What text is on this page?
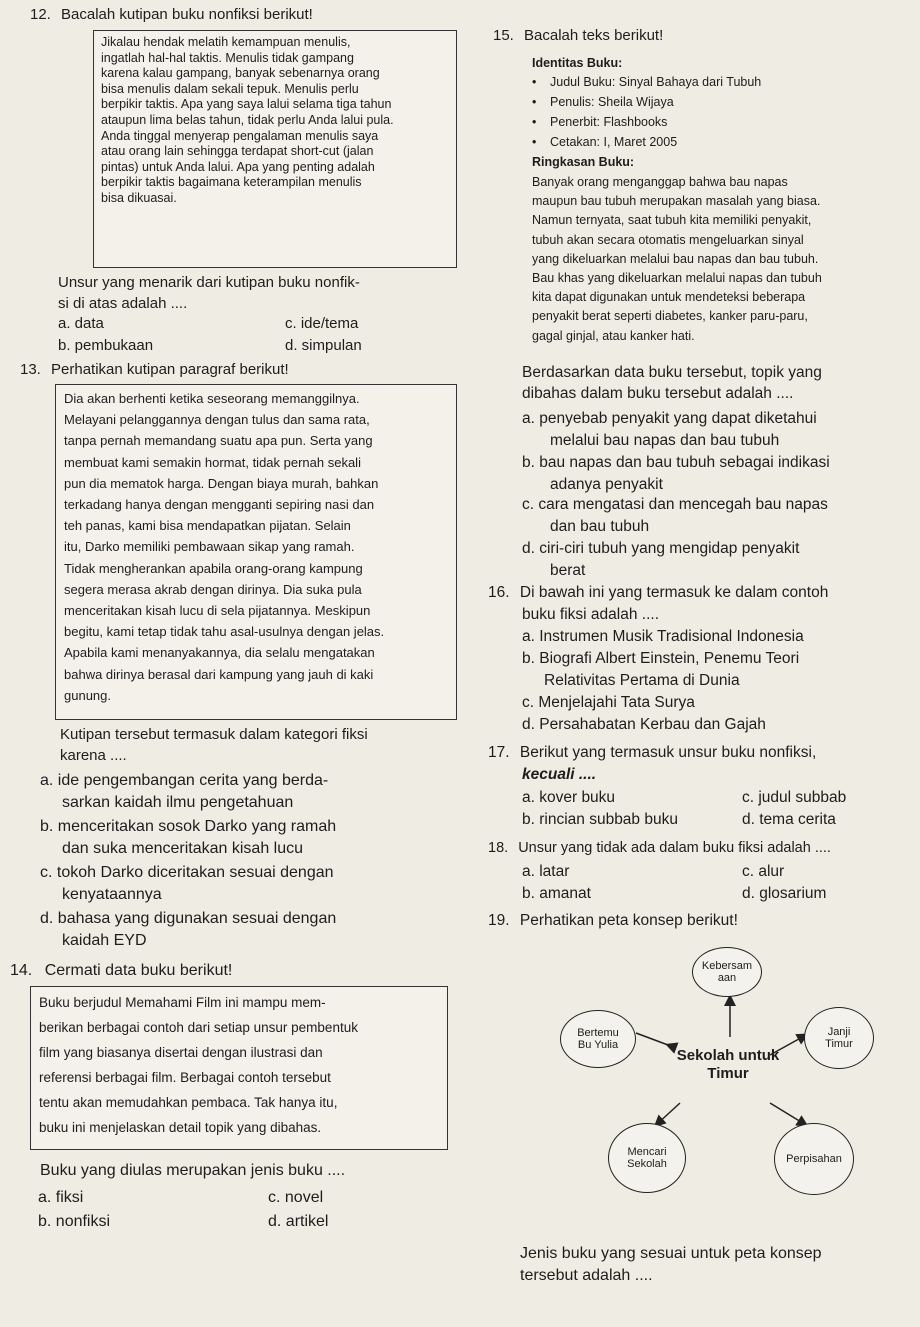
12. Bacalah kutipan buku nonfiksi berikut!
Jikalau hendak melatih kemampuan menulis,
ingatlah hal-hal taktis. Menulis tidak gampang
karena kalau gampang, banyak sebenarnya orang
bisa menulis dalam sekali tepuk. Menulis perlu
berpikir taktis. Apa yang saya lalui selama tiga tahun
ataupun lima belas tahun, tidak perlu Anda lalui pula.
Anda tinggal menyerap pengalaman menulis saya
atau orang lain sehingga terdapat short-cut (jalan
pintas) untuk Anda lalui. Apa yang penting adalah
berpikir taktis bagaimana keterampilan menulis
bisa dikuasai.
Unsur yang menarik dari kutipan buku nonfik-
si di atas adalah ....
a. data	c. ide/tema
b. pembukaan	d. simpulan
13. Perhatikan kutipan paragraf berikut!
Dia akan berhenti ketika seseorang memanggilnya.
Melayani pelanggannya dengan tulus dan sama rata,
tanpa pernah memandang suatu apa pun. Serta yang
membuat kami semakin hormat, tidak pernah sekali
pun dia mematok harga. Dengan biaya murah, bahkan
terkadang hanya dengan mengganti sepiring nasi dan
teh panas, kami bisa mendapatkan pijatan. Selain
itu, Darko memiliki pembawaan sikap yang ramah.
Tidak mengherankan apabila orang-orang kampung
segera merasa akrab dengan dirinya. Dia suka pula
menceritakan kisah lucu di sela pijatannya. Meskipun
begitu, kami tetap tidak tahu asal-usulnya dengan jelas.
Apabila kami menanyakannya, dia selalu mengatakan
bahwa dirinya berasal dari kampung yang jauh di kaki
gunung.
Kutipan tersebut termasuk dalam kategori fiksi
karena ....
a. ide pengembangan cerita yang berda-
sarkan kaidah ilmu pengetahuan
b. menceritakan sosok Darko yang ramah
dan suka menceritakan kisah lucu
c. tokoh Darko diceritakan sesuai dengan
kenyataannya
d. bahasa yang digunakan sesuai dengan
kaidah EYD
14. Cermati data buku berikut!
Buku berjudul Memahami Film ini mampu mem-
berikan berbagai contoh dari setiap unsur pembentuk
film yang biasanya disertai dengan ilustrasi dan
referensi berbagai film. Berbagai contoh tersebut
tentu akan memudahkan pembaca. Tak hanya itu,
buku ini menjelaskan detail topik yang dibahas.
Buku yang diulas merupakan jenis buku ....
a. fiksi	c. novel
b. nonfiksi	d. artikel
15. Bacalah teks berikut!
Identitas Buku:
• Judul Buku: Sinyal Bahaya dari Tubuh
• Penulis: Sheila Wijaya
• Penerbit: Flashbooks
• Cetakan: I, Maret 2005
Ringkasan Buku:
Banyak orang menganggap bahwa bau napas
maupun bau tubuh merupakan masalah yang biasa.
Namun ternyata, saat tubuh kita memiliki penyakit,
tubuh akan secara otomatis mengeluarkan sinyal
yang dikeluarkan melalui bau napas dan bau tubuh.
Bau khas yang dikeluarkan melalui napas dan tubuh
kita dapat digunakan untuk mendeteksi beberapa
penyakit berat seperti diabetes, kanker paru-paru,
gagal ginjal, atau kanker hati.
Berdasarkan data buku tersebut, topik yang
dibahas dalam buku tersebut adalah ....
a. penyebab penyakit yang dapat diketahui
melalui bau napas dan bau tubuh
b. bau napas dan bau tubuh sebagai indikasi
adanya penyakit
c. cara mengatasi dan mencegah bau napas
dan bau tubuh
d. ciri-ciri tubuh yang mengidap penyakit
berat
16. Di bawah ini yang termasuk ke dalam contoh
buku fiksi adalah ....
a. Instrumen Musik Tradisional Indonesia
b. Biografi Albert Einstein, Penemu Teori
Relativitas Pertama di Dunia
c. Menjelajahi Tata Surya
d. Persahabatan Kerbau dan Gajah
17. Berikut yang termasuk unsur buku nonfiksi,
kecuali ....
a. kover buku	c. judul subbab
b. rincian subbab buku	d. tema cerita
18. Unsur yang tidak ada dalam buku fiksi adalah ....
a. latar	c. alur
b. amanat	d. glosarium
19. Perhatikan peta konsep berikut!
Kebersamaan
Bertemu Bu Yulia
Janji Timur
Sekolah untuk Timur
Mencari Sekolah	Perpisahan
Jenis buku yang sesuai untuk peta konsep
tersebut adalah ....
